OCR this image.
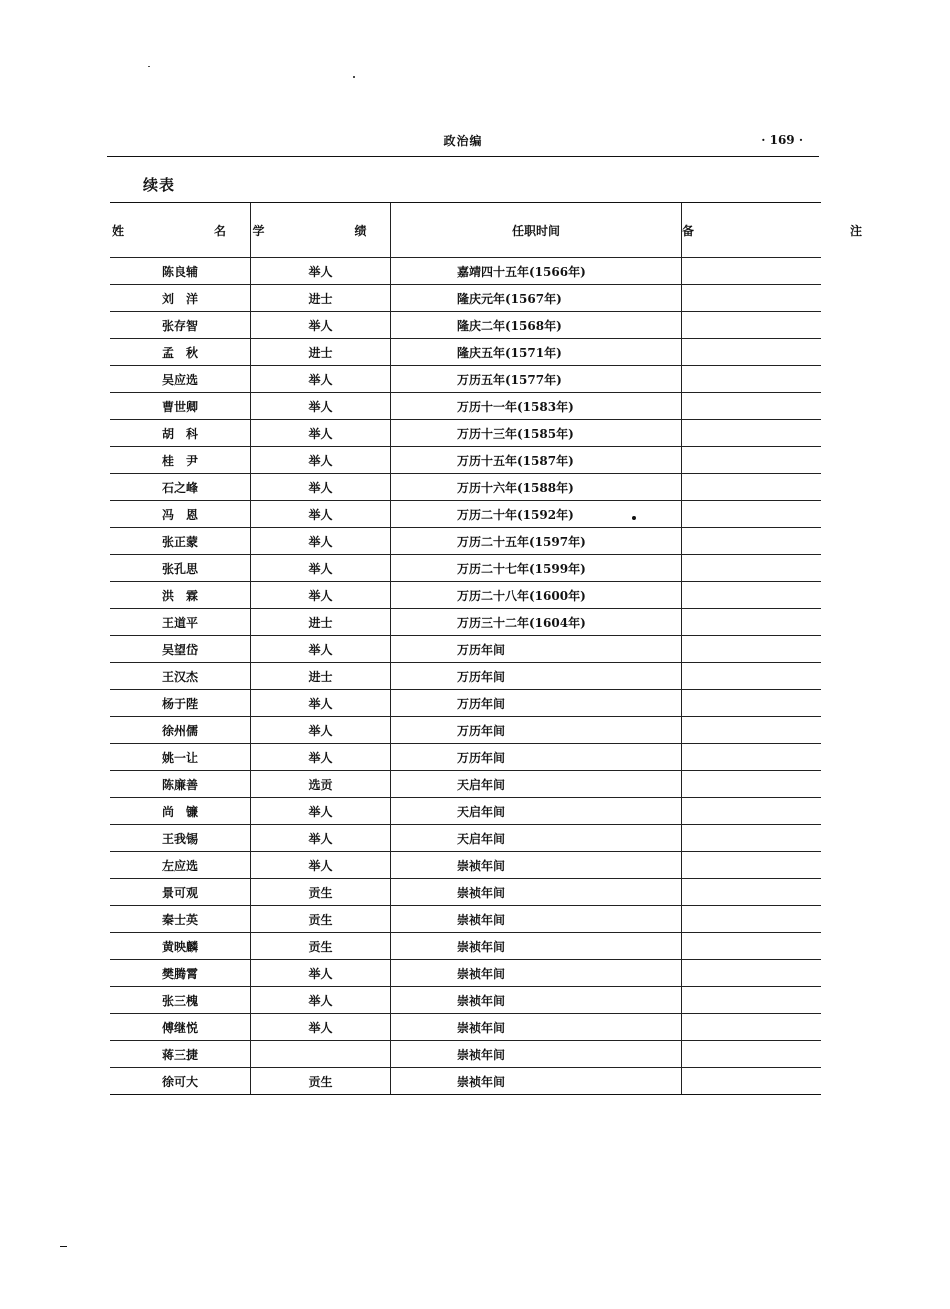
政治编	· 169 ·
续表
姓　　名	学　　绩	任职时间	备　　注
陈良辅	举人	嘉靖四十五年(1566年)	
刘　洋	进士	隆庆元年(1567年)	
张存智	举人	隆庆二年(1568年)	
孟　秋	进士	隆庆五年(1571年)	
吴应选	举人	万历五年(1577年)	
曹世卿	举人	万历十一年(1583年)	
胡　科	举人	万历十三年(1585年)	
桂　尹	举人	万历十五年(1587年)	
石之峰	举人	万历十六年(1588年)	
冯　恩	举人	万历二十年(1592年)	
张正蒙	举人	万历二十五年(1597年)	
张孔思	举人	万历二十七年(1599年)	
洪　霖	举人	万历二十八年(1600年)	
王道平	进士	万历三十二年(1604年)	
吴望岱	举人	万历年间	
王汉杰	进士	万历年间	
杨于陛	举人	万历年间	
徐州儒	举人	万历年间	
姚一让	举人	万历年间	
陈廉善	选贡	天启年间	
尚　镰	举人	天启年间	
王我锡	举人	天启年间	
左应选	举人	崇祯年间	
景可观	贡生	崇祯年间	
秦士英	贡生	崇祯年间	
黄映麟	贡生	崇祯年间	
樊腾霄	举人	崇祯年间	
张三槐	举人	崇祯年间	
傅继悦	举人	崇祯年间	
蒋三捷		崇祯年间	
徐可大	贡生	崇祯年间	
